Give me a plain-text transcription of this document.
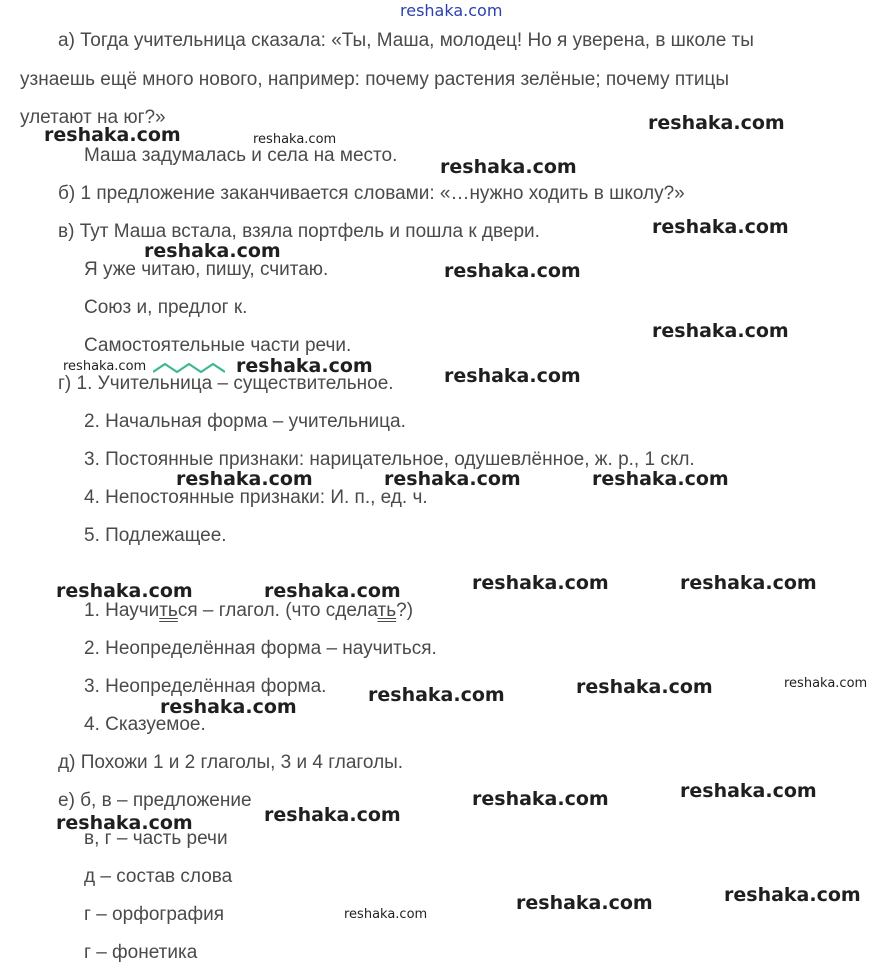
а) Тогда учительница сказала: «Ты, Маша, молодец! Но я уверена, в школе ты

узнаешь ещё много нового, например: почему растения зелёные; почему птицы

улетают на юг?»

Маша задумалась и села на место.

б) 1 предложение заканчивается словами: «…нужно ходить в школу?»

в) Тут Маша встала, взяла портфель и пошла к двери.

Я уже читаю, пишу, считаю.

Союз и, предлог к.

Самостоятельные части речи.

г) 1. Учительница – существительное.

2. Начальная форма – учительница.

3. Постоянные признаки: нарицательное, одушевлённое, ж. р., 1 скл.

4. Непостоянные признаки: И. п., ед. ч.

5. Подлежащее.

1. Научиться – глагол. (что сделать?)

2. Неопределённая форма – научиться.

3. Неопределённая форма.

4. Сказуемое.

д) Похожи 1 и 2 глаголы, 3 и 4 глаголы.

е) б, в – предложение

в, г – часть речи

д – состав слова

г – орфография

г – фонетика

reshaka.com
reshaka.com	reshaka.com
reshaka.com
reshaka.com
reshaka.com
reshaka.com
reshaka.com
reshaka.com
reshaka.com	reshaka.com	reshaka.com
reshaka.com	reshaka.com	reshaka.com
reshaka.com	reshaka.com	reshaka.com	reshaka.com
reshaka.com	reshaka.com	reshaka.com
reshaka.com
reshaka.com	reshaka.com
reshaka.com
reshaka.com
reshaka.com	reshaka.com
reshaka.com
